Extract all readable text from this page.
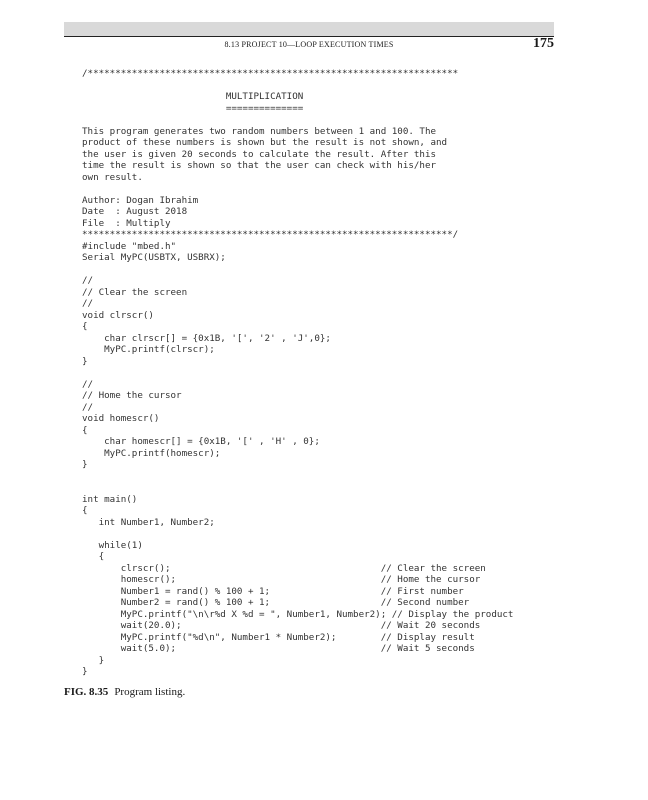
8.13 PROJECT 10—LOOP EXECUTION TIMES	175
/*******************************************************************
MULTIPLICATION
==============
This program generates two random numbers between 1 and 100. The
product of these numbers is shown but the result is not shown, and
the user is given 20 seconds to calculate the result. After this
time the result is shown so that the user can check with his/her
own result.
Author: Dogan Ibrahim
Date  : August 2018
File  : Multiply
*******************************************************************/
#include "mbed.h"
Serial MyPC(USBTX, USBRX);
//
// Clear the screen
//
void clrscr()
{
char clrscr[] = {0x1B, '[', '2' , 'J',0};
MyPC.printf(clrscr);
}
//
// Home the cursor
//
void homescr()
{
char homescr[] = {0x1B, '[' , 'H' , 0};
MyPC.printf(homescr);
}
int main()
{
int Number1, Number2;
while(1)
{
clrscr();                                      // Clear the screen
homescr();                                     // Home the cursor
Number1 = rand() % 100 + 1;                    // First number
Number2 = rand() % 100 + 1;                    // Second number
MyPC.printf("\n\r%d X %d = ", Number1, Number2); // Display the product
wait(20.0);                                    // Wait 20 seconds
MyPC.printf("%d\n", Number1 * Number2);        // Display result
wait(5.0);                                     // Wait 5 seconds
}
}
FIG. 8.35 Program listing.
